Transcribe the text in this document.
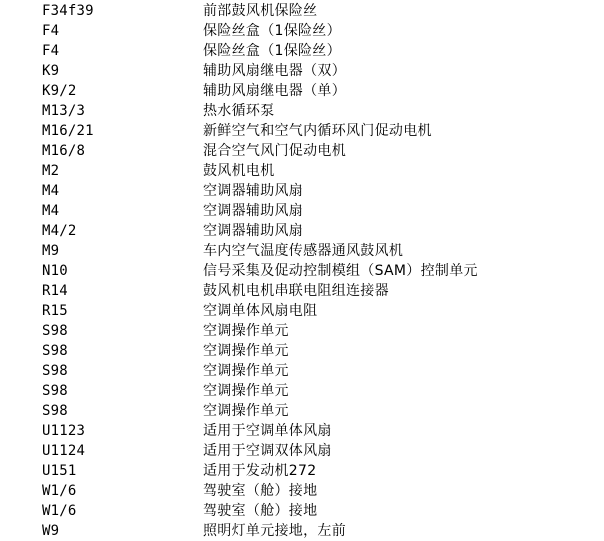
F34f39	前部鼓风机保险丝
F4	保险丝盒（1保险丝）
F4	保险丝盒（1保险丝）
K9	辅助风扇继电器（双）
K9/2	辅助风扇继电器（单）
M13/3	热水循环泵
M16/21	新鲜空气和空气内循环风门促动电机
M16/8	混合空气风门促动电机
M2	鼓风机电机
M4	空调器辅助风扇
M4	空调器辅助风扇
M4/2	空调器辅助风扇
M9	车内空气温度传感器通风鼓风机
N10	信号采集及促动控制模组（SAM）控制单元
R14	鼓风机电机串联电阻组连接器
R15	空调单体风扇电阻
S98	空调操作单元
S98	空调操作单元
S98	空调操作单元
S98	空调操作单元
S98	空调操作单元
U1123	适用于空调单体风扇
U1124	适用于空调双体风扇
U151	适用于发动机272
W1/6	驾驶室（舱）接地
W1/6	驾驶室（舱）接地
W9	照明灯单元接地，左前
